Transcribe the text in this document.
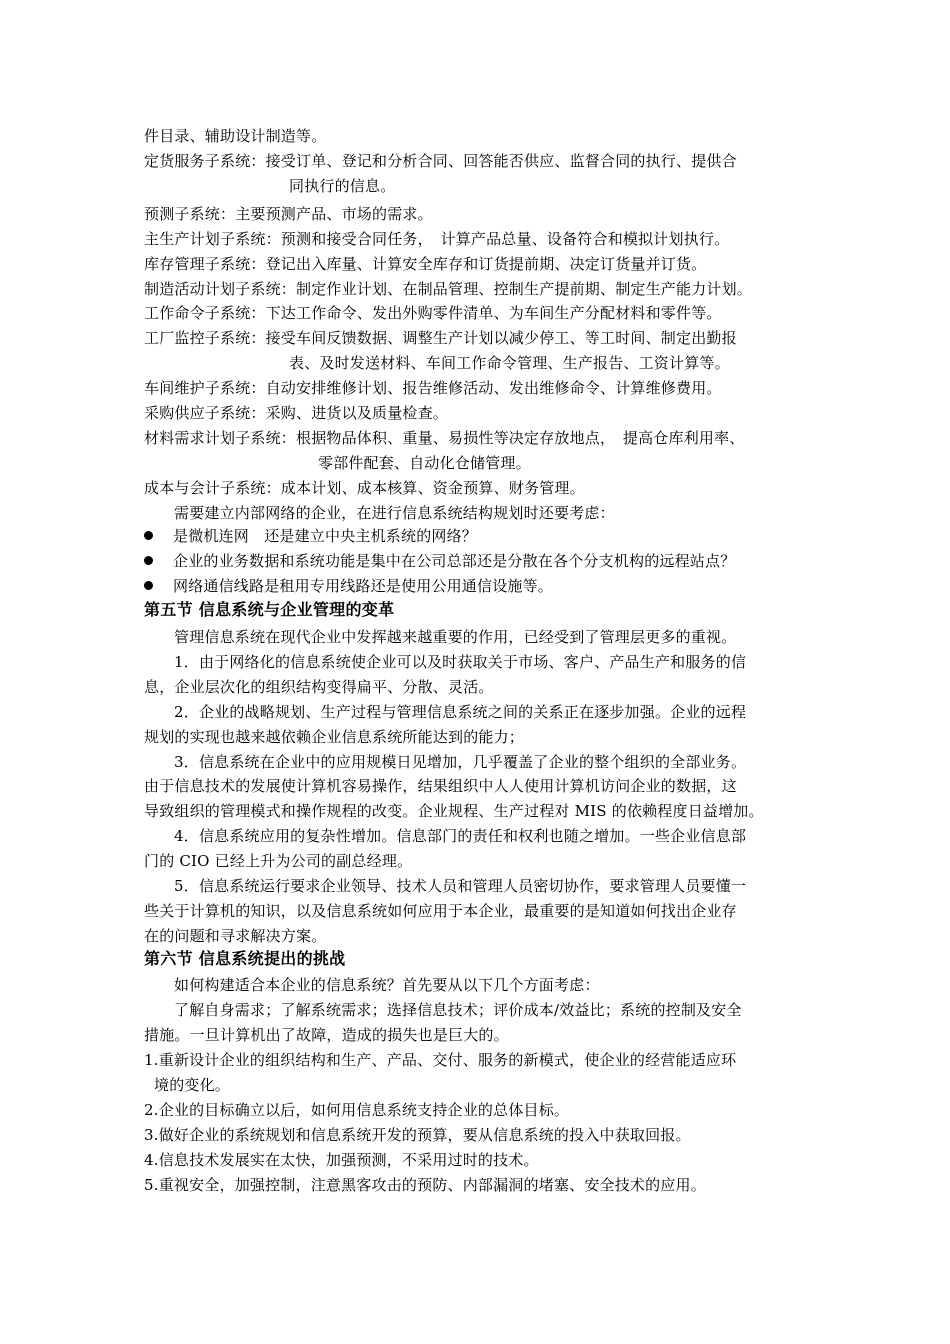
件目录、辅助设计制造等。
定货服务子系统：接受订单、登记和分析合同、回答能否供应、监督合同的执行、提供合
同执行的信息。
预测子系统：主要预测产品、市场的需求。
主生产计划子系统：预测和接受合同任务，　计算产品总量、设备符合和模拟计划执行。
库存管理子系统：登记出入库量、计算安全库存和订货提前期、决定订货量并订货。
制造活动计划子系统：制定作业计划、在制品管理、控制生产提前期、制定生产能力计划。
工作命令子系统：下达工作命令、发出外购零件清单、为车间生产分配材料和零件等。
工厂监控子系统：接受车间反馈数据、调整生产计划以减少停工、等工时间、制定出勤报
表、及时发送材料、车间工作命令管理、生产报告、工资计算等。
车间维护子系统：自动安排维修计划、报告维修活动、发出维修命令、计算维修费用。
采购供应子系统：采购、进货以及质量检查。
材料需求计划子系统：根据物品体积、重量、易损性等决定存放地点，　提高仓库利用率、
零部件配套、自动化仓储管理。
成本与会计子系统：成本计划、成本核算、资金预算、财务管理。
需要建立内部网络的企业，在进行信息系统结构规划时还要考虑：
是微机连网　还是建立中央主机系统的网络？
企业的业务数据和系统功能是集中在公司总部还是分散在各个分支机构的远程站点？
网络通信线路是租用专用线路还是使用公用通信设施等。
第五节 信息系统与企业管理的变革
管理信息系统在现代企业中发挥越来越重要的作用，已经受到了管理层更多的重视。
1．由于网络化的信息系统使企业可以及时获取关于市场、客户、产品生产和服务的信
息，企业层次化的组织结构变得扁平、分散、灵活。
2．企业的战略规划、生产过程与管理信息系统之间的关系正在逐步加强。企业的远程
规划的实现也越来越依赖企业信息系统所能达到的能力；
3．信息系统在企业中的应用规模日见增加，几乎覆盖了企业的整个组织的全部业务。
由于信息技术的发展使计算机容易操作，结果组织中人人使用计算机访问企业的数据，这
导致组织的管理模式和操作规程的改变。企业规程、生产过程对 MIS 的依赖程度日益增加。
4．信息系统应用的复杂性增加。信息部门的责任和权利也随之增加。一些企业信息部
门的 CIO 已经上升为公司的副总经理。
5．信息系统运行要求企业领导、技术人员和管理人员密切协作，要求管理人员要懂一
些关于计算机的知识，以及信息系统如何应用于本企业，最重要的是知道如何找出企业存
在的问题和寻求解决方案。
第六节 信息系统提出的挑战
如何构建适合本企业的信息系统？首先要从以下几个方面考虑：
了解自身需求；了解系统需求；选择信息技术；评价成本/效益比；系统的控制及安全
措施。一旦计算机出了故障，造成的损失也是巨大的。
1.重新设计企业的组织结构和生产、产品、交付、服务的新模式，使企业的经营能适应环
境的变化。
2.企业的目标确立以后，如何用信息系统支持企业的总体目标。
3.做好企业的系统规划和信息系统开发的预算，要从信息系统的投入中获取回报。
4.信息技术发展实在太快，加强预测，不采用过时的技术。
5.重视安全，加强控制，注意黑客攻击的预防、内部漏洞的堵塞、安全技术的应用。
